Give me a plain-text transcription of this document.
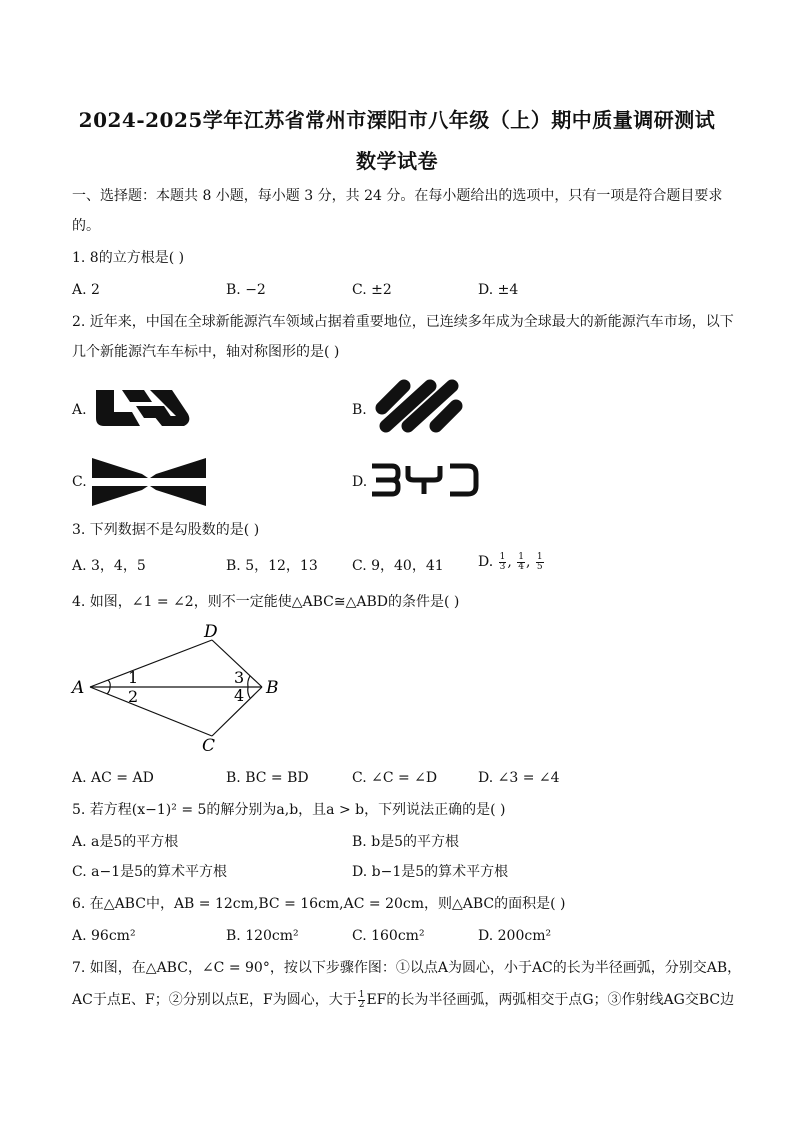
2024-2025学年江苏省常州市溧阳市八年级（上）期中质量调研测试
数学试卷
一、选择题：本题共 8 小题，每小题 3 分，共 24 分。在每小题给出的选项中，只有一项是符合题目要求
的。
1. 8的立方根是( )
A. 2	B. −2	C. ±2	D. ±4
2. 近年来，中国在全球新能源汽车领域占据着重要地位，已连续多年成为全球最大的新能源汽车市场，以下
几个新能源汽车车标中，轴对称图形的是( )
A.	B.
C.	D.
3. 下列数据不是勾股数的是( )
A. 3，4，5	B. 5，12，13 C. 9，40，41 D. $\frac{1}{3}$ , $\frac{1}{4}$ , $\frac{1}{5}$
4. 如图，∠1 = ∠2，则不一定能使△ABC≅△ABD的条件是( )
A	B
C
D
1
2
3
4
A. AC = AD	B. BC = BD	C. ∠C = ∠D	D. ∠3 = ∠4
5. 若方程(x−1)² = 5的解分别为a,b，且a > b，下列说法正确的是( )
A. a是5的平方根	B. b是5的平方根
C. a−1是5的算术平方根	D. b−1是5的算术平方根
6. 在△ABC中，AB = 12cm,BC = 16cm,AC = 20cm，则△ABC的面积是( )
A. 96cm²	B. 120cm²	C. 160cm²	D. 200cm²
7. 如图，在△ABC，∠C = 90°，按以下步骤作图：①以点A为圆心，小于AC的长为半径画弧，分别交AB，
AC于点E、F；②分别以点E，F为圆心，大于 $\frac{1}{2}$ EF的长为半径画弧，两弧相交于点G；③作射线AG交BC边
